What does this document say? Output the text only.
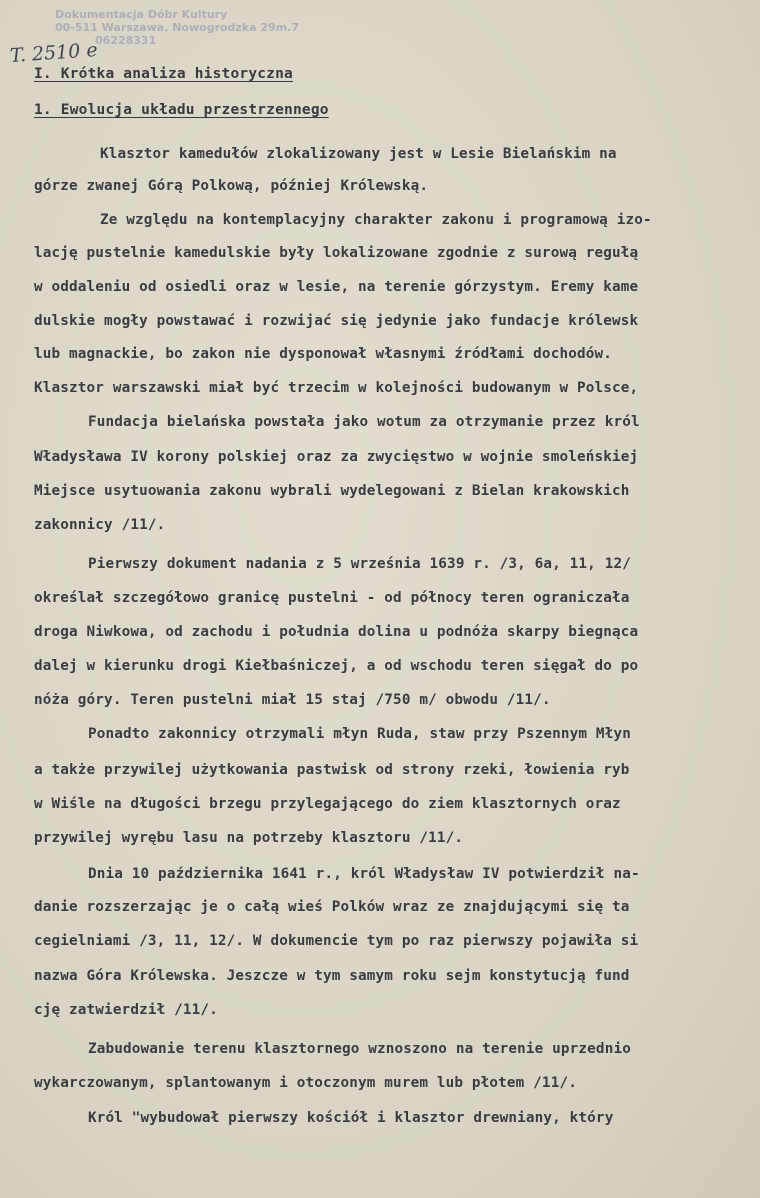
Dokumentacja Dóbr Kultury
00-511 Warszawa, Nowogrodzka 29m.7
06228331
T. 2510 e
I. Krótka analiza historyczna
1. Ewolucja układu przestrzennego
Klasztor kamedułów zlokalizowany jest w Lesie Bielańskim na
górze zwanej Górą Polkową, później Królewską.
Ze względu na kontemplacyjny charakter zakonu i programową izo-
lację pustelnie kamedulskie były lokalizowane zgodnie z surową regułą
w oddaleniu od osiedli oraz w lesie, na terenie górzystym. Eremy kame
dulskie mogły powstawać i rozwijać się jedynie jako fundacje królewsk
lub magnackie, bo zakon nie dysponował własnymi źródłami dochodów.
Klasztor warszawski miał być trzecim w kolejności budowanym w Polsce,
Fundacja bielańska powstała jako wotum za otrzymanie przez król
Władysława IV korony polskiej oraz za zwycięstwo w wojnie smoleńskiej
Miejsce usytuowania zakonu wybrali wydelegowani z Bielan krakowskich
zakonnicy /11/.
Pierwszy dokument nadania z 5 września 1639 r. /3, 6a, 11, 12/
określał szczegółowo granicę pustelni - od północy teren ograniczała
droga Niwkowa, od zachodu i południa dolina u podnóża skarpy biegnąca
dalej w kierunku drogi Kiełbaśniczej, a od wschodu teren sięgał do po
nóża góry. Teren pustelni miał 15 staj /750 m/ obwodu /11/.
Ponadto zakonnicy otrzymali młyn Ruda, staw przy Pszennym Młyn
a także przywilej użytkowania pastwisk od strony rzeki, łowienia ryb
w Wiśle na długości brzegu przylegającego do ziem klasztornych oraz
przywilej wyrębu lasu na potrzeby klasztoru /11/.
Dnia 10 października 1641 r., król Władysław IV potwierdził na-
danie rozszerzając je o całą wieś Polków wraz ze znajdującymi się ta
cegielniami /3, 11, 12/. W dokumencie tym po raz pierwszy pojawiła si
nazwa Góra Królewska. Jeszcze w tym samym roku sejm konstytucją fund
cję zatwierdził /11/.
Zabudowanie terenu klasztornego wznoszono na terenie uprzednio
wykarczowanym, splantowanym i otoczonym murem lub płotem /11/.
Król "wybudował pierwszy kościół i klasztor drewniany, który
